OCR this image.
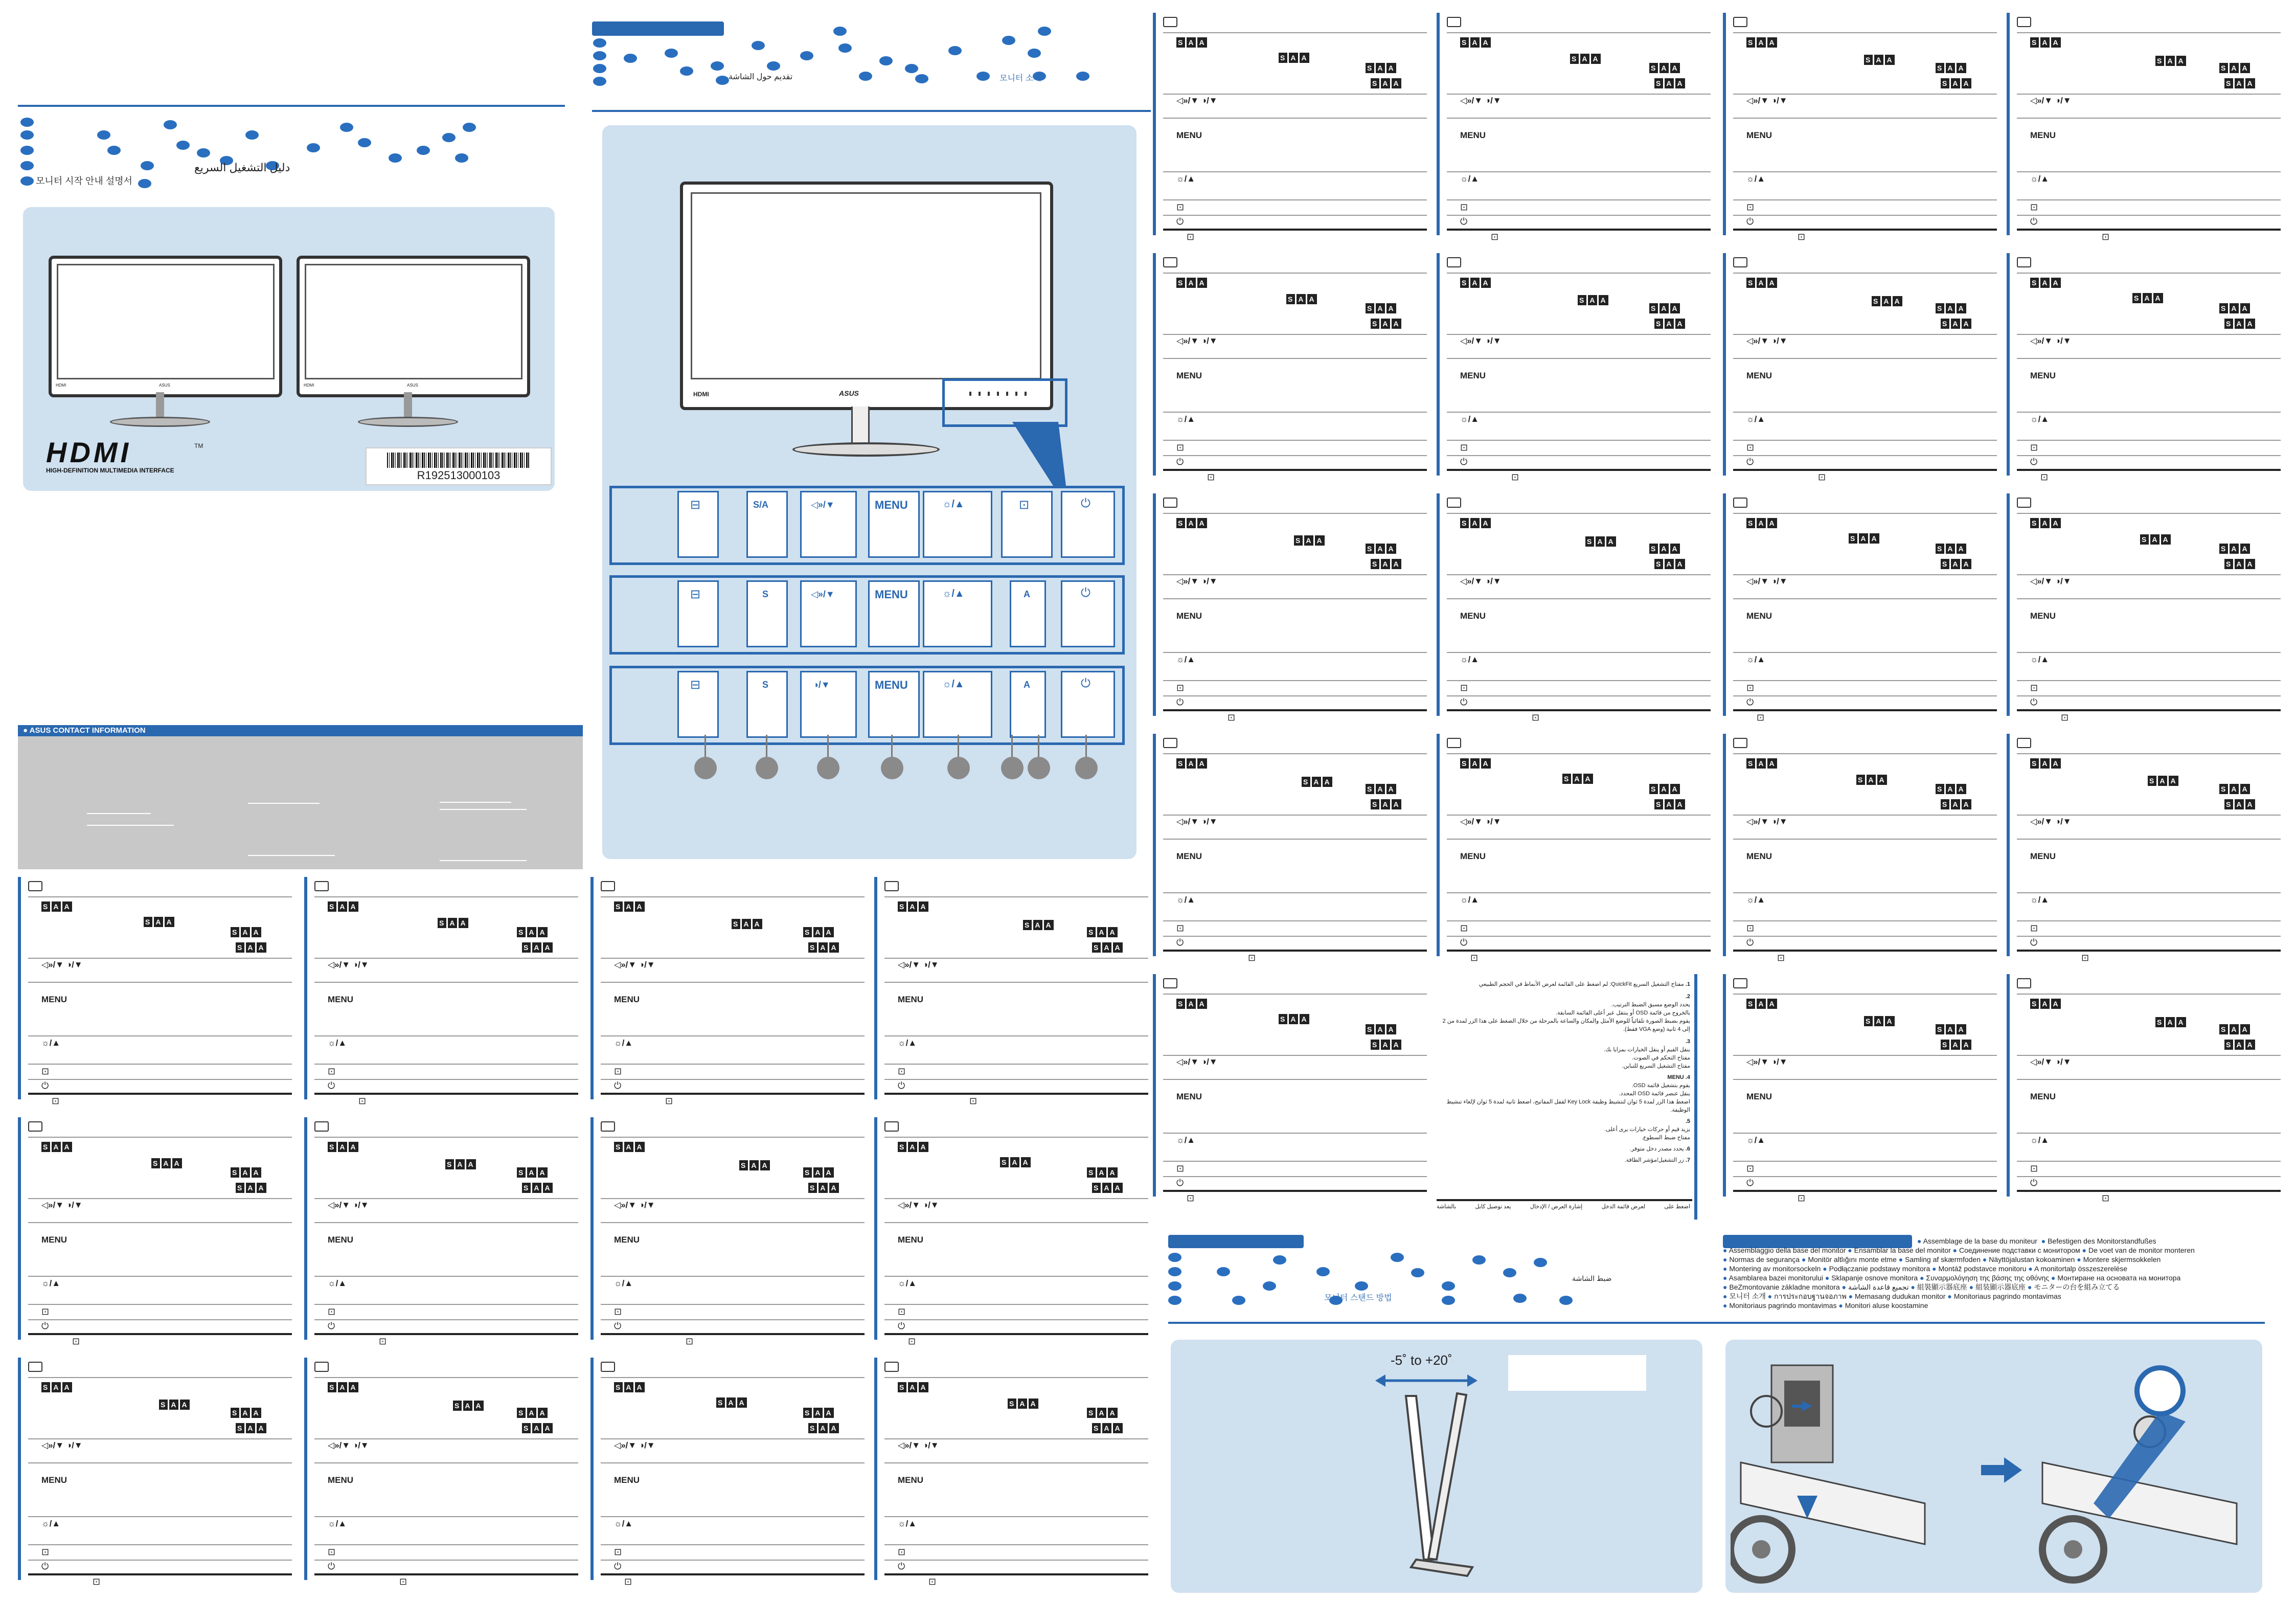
모니터 시작 안내 설명서
دليل التشغيل السريع
HDMI	ASUS	HDMI	ASUS
HDMI
HIGH-DEFINITION MULTIMEDIA INTERFACE
TM
R192513000103
● ASUS CONTACT INFORMATION
تقديم حول الشاشة	모니터 소개
HDMI	ASUS
⊟	S/A	◁»/▼	MENU	☼/▲	⊡	⏻
⊟	S	◁»/▼	MENU	☼/▲	A	⏻
⊟	S	◑/▼	MENU	☼/▲	A	⏻
S A A
S A A
S A A
S A A
◁»/▼ ◑/▼
MENU
☼/▲
⊡
⏻
⊡
S A A
S A A
S A A
S A A
◁»/▼ ◑/▼
MENU
☼/▲
⊡
⏻
⊡
S A A
S A A
S A A
S A A
◁»/▼ ◑/▼
MENU
☼/▲
⊡
⏻
⊡
S A A
S A A
S A A
S A A
◁»/▼ ◑/▼
MENU
☼/▲
⊡
⏻
⊡
S A A
S A A
S A A
S A A
◁»/▼ ◑/▼
MENU
☼/▲
⊡
⏻
⊡
S A A
S A A
S A A
S A A
◁»/▼ ◑/▼
MENU
☼/▲
⊡
⏻
⊡
S A A
S A A
S A A
S A A
◁»/▼ ◑/▼
MENU
☼/▲
⊡
⏻
⊡
S A A
S A A
S A A
S A A
◁»/▼ ◑/▼
MENU
☼/▲
⊡
⏻
⊡
S A A
S A A
S A A
S A A
◁»/▼ ◑/▼
MENU
☼/▲
⊡
⏻
⊡
S A A
S A A
S A A
S A A
◁»/▼ ◑/▼
MENU
☼/▲
⊡
⏻
⊡
S A A
S A A
S A A
S A A
◁»/▼ ◑/▼
MENU
☼/▲
⊡
⏻
⊡
S A A
S A A
S A A
S A A
◁»/▼ ◑/▼
MENU
☼/▲
⊡
⏻
⊡
S A A
S A A
S A A
S A A
◁»/▼ ◑/▼
MENU
☼/▲
⊡
⏻
⊡
S A A
S A A
S A A
S A A
◁»/▼ ◑/▼
MENU
☼/▲
⊡
⏻
⊡
S A A
S A A
S A A
S A A
◁»/▼ ◑/▼
MENU
☼/▲
⊡
⏻
⊡
S A A
S A A
S A A
S A A
◁»/▼ ◑/▼
MENU
☼/▲
⊡
⏻
⊡
S A A
S A A
S A A
S A A
◁»/▼ ◑/▼
MENU
☼/▲
⊡
⏻
⊡
S A A
S A A
S A A
S A A
◁»/▼ ◑/▼
MENU
☼/▲
⊡
⏻
⊡
S A A
S A A
S A A
S A A
◁»/▼ ◑/▼
MENU
☼/▲
⊡
⏻
⊡
S A A
S A A
S A A
S A A
◁»/▼ ◑/▼
MENU
☼/▲
⊡
⏻
⊡
S A A
S A A
S A A
S A A
◁»/▼ ◑/▼
MENU
☼/▲
⊡
⏻
⊡
S A A
S A A
S A A
S A A
◁»/▼ ◑/▼
MENU
☼/▲
⊡
⏻
⊡
S A A
S A A
S A A
S A A
◁»/▼ ◑/▼
MENU
☼/▲
⊡
⏻
⊡
S A A
S A A
S A A
S A A
◁»/▼ ◑/▼
MENU
☼/▲
⊡
⏻
⊡
S A A
S A A
S A A
S A A
◁»/▼ ◑/▼
MENU
☼/▲
⊡
⏻
⊡
S A A
S A A
S A A
S A A
◁»/▼ ◑/▼
MENU
☼/▲
⊡
⏻
⊡
S A A
S A A
S A A
S A A
◁»/▼ ◑/▼
MENU
☼/▲
⊡
⏻
⊡
S A A
S A A
S A A
S A A
◁»/▼ ◑/▼
MENU
☼/▲
⊡
⏻
⊡
S A A
S A A
S A A
S A A
◁»/▼ ◑/▼
MENU
☼/▲
⊡
⏻
⊡
S A A
S A A
S A A
S A A
◁»/▼ ◑/▼
MENU
☼/▲
⊡
⏻
⊡
S A A
S A A
S A A
S A A
◁»/▼ ◑/▼
MENU
☼/▲
⊡
⏻
⊡
1. مفتاح التشغيل السريع QuickFit: لم اضغط على القائمة لعرض الأنماط في الحجم الطبيعي
2.
يحدد الوضع مسبق الضبط الترتيب.
بالخروج من قائمة OSD أو ينتقل عبر أعلى القائمة السابقة.
يقوم بضبط الصورة تلقائياً للوضع الأمثل والمكان والساعة بالمرحلة من خلال الضغط على هذا الزر لمدة من 2 إلى 4 ثانية (وضع VGA فقط).
3.
ينقل القيم أو ينقل الخيارات بمزايا بك.
مفتاح التحكم في الصوت.
مفتاح التشغيل السريع للتباين.
4. MENU
يقوم بتشغيل قائمة OSD.
ينقل عنصر قائمة OSD المحدد.
اضغط هذا الزر لمدة 5 ثوان لتنشيط وظيفة Key Lock لقفل المفاتيح، اضغط ثانية لمدة 5 ثوان لإلغاء تنشيط الوظيفة.
5.
يزيد قيم أو حركات خيارات يرى أعلى.
مفتاح ضبط السطوع.
6. يحدد مصدر دخل متوفر.
7. زر التشغيل/مؤشر الطاقة.
اضغط على
لعرض قائمة الدخل
إشارة العرض / الإدخال
يعد توصيل كابل
بالشاشة
모니터 스탠드 방법
ضبط الشاشة
-5˚ to +20˚
● Assemblage de la base du moniteur ● Befestigen des Monitorstandfußes
● Assemblaggio della base del monitor ● Ensamblar la base del monitor ● Соединение подставки с монитором ● De voet van de monitor monteren
● Normas de segurança ● Monitör altlığını monte etme ● Samling af skærmfoden ● Näyttöjalustan kokoaminen ● Montere skjermsokkelen
● Montering av monitorsockeln ● Podłączanie podstawy monitora ● Montáž podstavce monitoru ● A monitortalp összeszerelése
● Asamblarea bazei monitorului ● Sklapanje osnove monitora ● Συναρμολόγηση της βάσης της οθόνης ● Монтиране на основата на монитора
● BeZmontovanie základne monitora ● تجميع قاعدة الشاشة ● 組裝顯示器底座 ● 組装顯示器底座 ● モニターの台を組み立てる
● 모니터 소개 ● การประกอบฐานจอภาพ ● Memasang dudukan monitor ● Monitoriaus pagrindo montavimas
● Monitoriaus pagrindo montavimas ● Monitori aluse koostamine
